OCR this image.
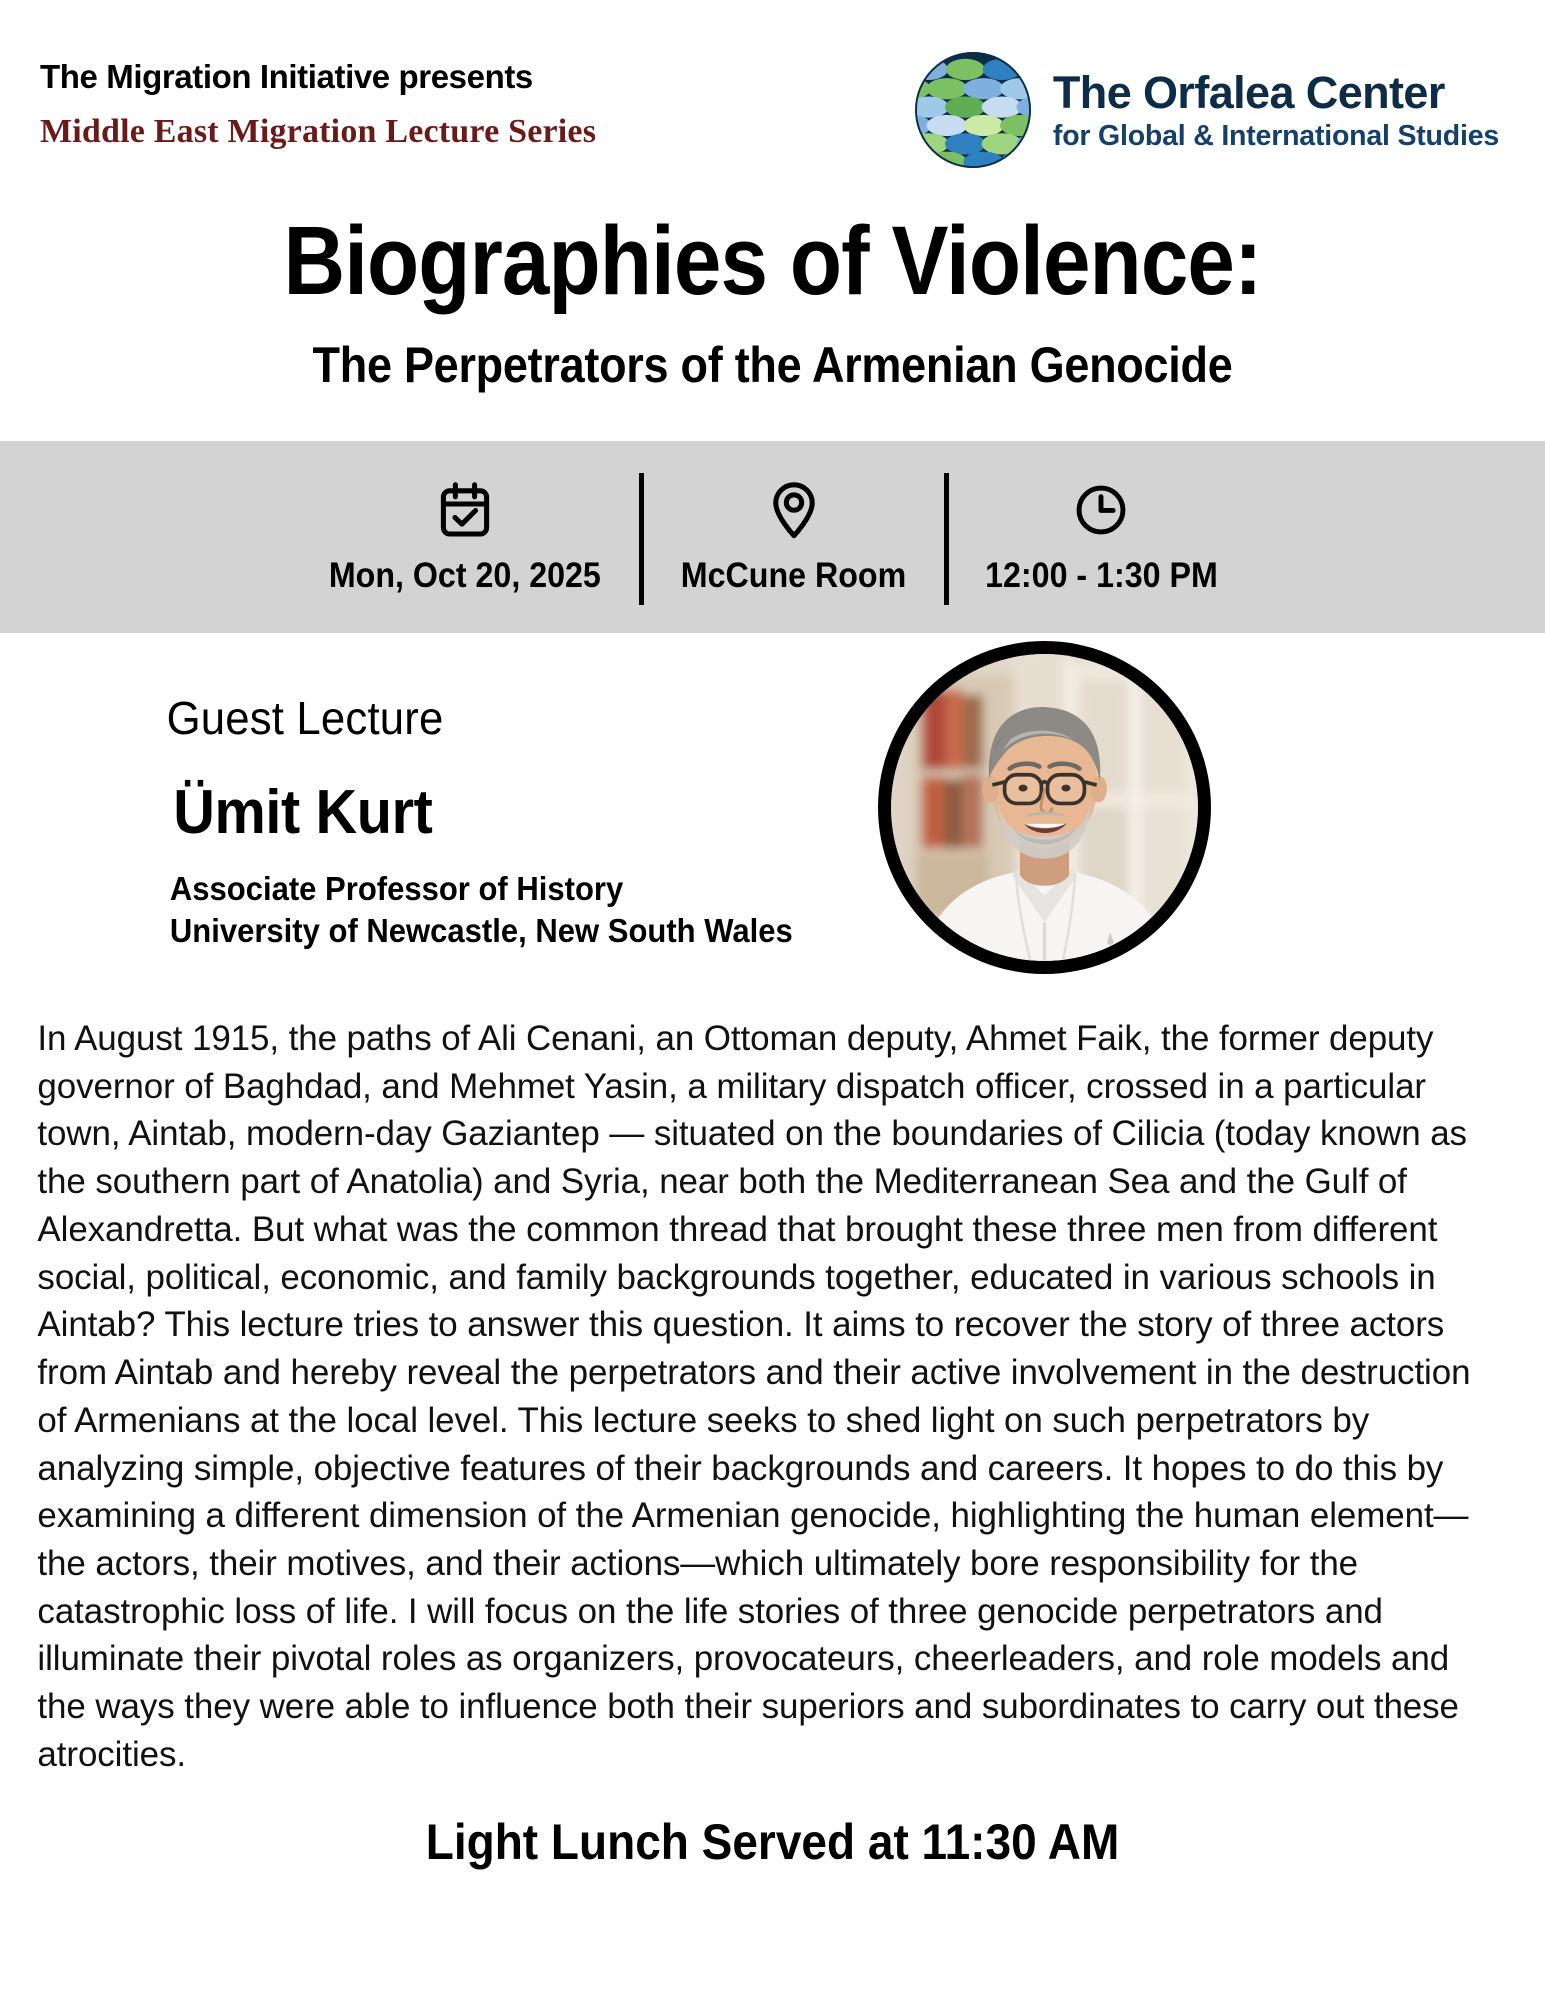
The Migration Initiative presents
Middle East Migration Lecture Series
The Orfalea Center
for Global & International Studies
Biographies of Violence:
The Perpetrators of the Armenian Genocide
Mon, Oct 20, 2025 McCune Room 12:00 - 1:30 PM
Guest Lecture
Ümit Kurt
Associate Professor of History
University of Newcastle, New South Wales
In August 1915, the paths of Ali Cenani, an Ottoman deputy, Ahmet Faik, the former deputy governor of Baghdad, and Mehmet Yasin, a military dispatch officer, crossed in a particular town, Aintab, modern-day Gaziantep — situated on the boundaries of Cilicia (today known as the southern part of Anatolia) and Syria, near both the Mediterranean Sea and the Gulf of Alexandretta. But what was the common thread that brought these three men from different social, political, economic, and family backgrounds together, educated in various schools in Aintab? This lecture tries to answer this question. It aims to recover the story of three actors from Aintab and hereby reveal the perpetrators and their active involvement in the destruction of Armenians at the local level. This lecture seeks to shed light on such perpetrators by analyzing simple, objective features of their backgrounds and careers. It hopes to do this by examining a different dimension of the Armenian genocide, highlighting the human element—the actors, their motives, and their actions—which ultimately bore responsibility for the catastrophic loss of life. I will focus on the life stories of three genocide perpetrators and illuminate their pivotal roles as organizers, provocateurs, cheerleaders, and role models and the ways they were able to influence both their superiors and subordinates to carry out these atrocities.
Light Lunch Served at 11:30 AM
